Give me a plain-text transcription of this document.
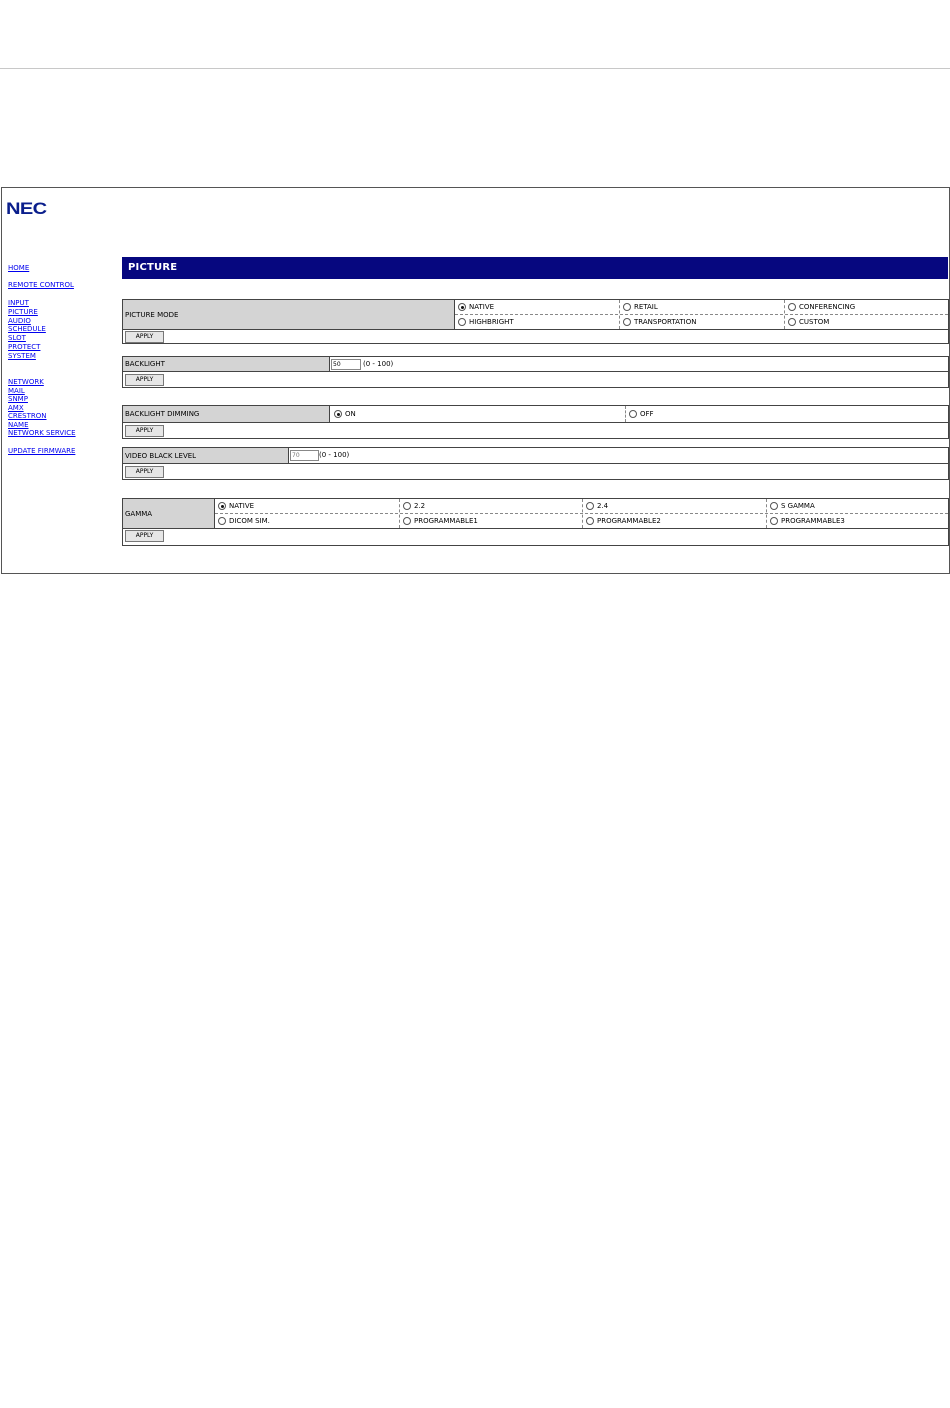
NEC
HOME
REMOTE CONTROL
INPUT
PICTURE
AUDIO
SCHEDULE
SLOT
PROTECT
SYSTEM
NETWORK
MAIL
SNMP
AMX
CRESTRON
NAME
NETWORK SERVICE
UPDATE FIRMWARE
PICTURE
PICTURE MODE
NATIVE	RETAIL	CONFERENCING
HIGHBRIGHT	TRANSPORTATION	CUSTOM
APPLY
BACKLIGHT	50	(0 - 100)
APPLY
BACKLIGHT DIMMING	ON	OFF
APPLY
VIDEO BLACK LEVEL	70	(0 - 100)
APPLY
GAMMA
NATIVE	2.2	2.4	S GAMMA
DICOM SIM.	PROGRAMMABLE1	PROGRAMMABLE2	PROGRAMMABLE3
APPLY
